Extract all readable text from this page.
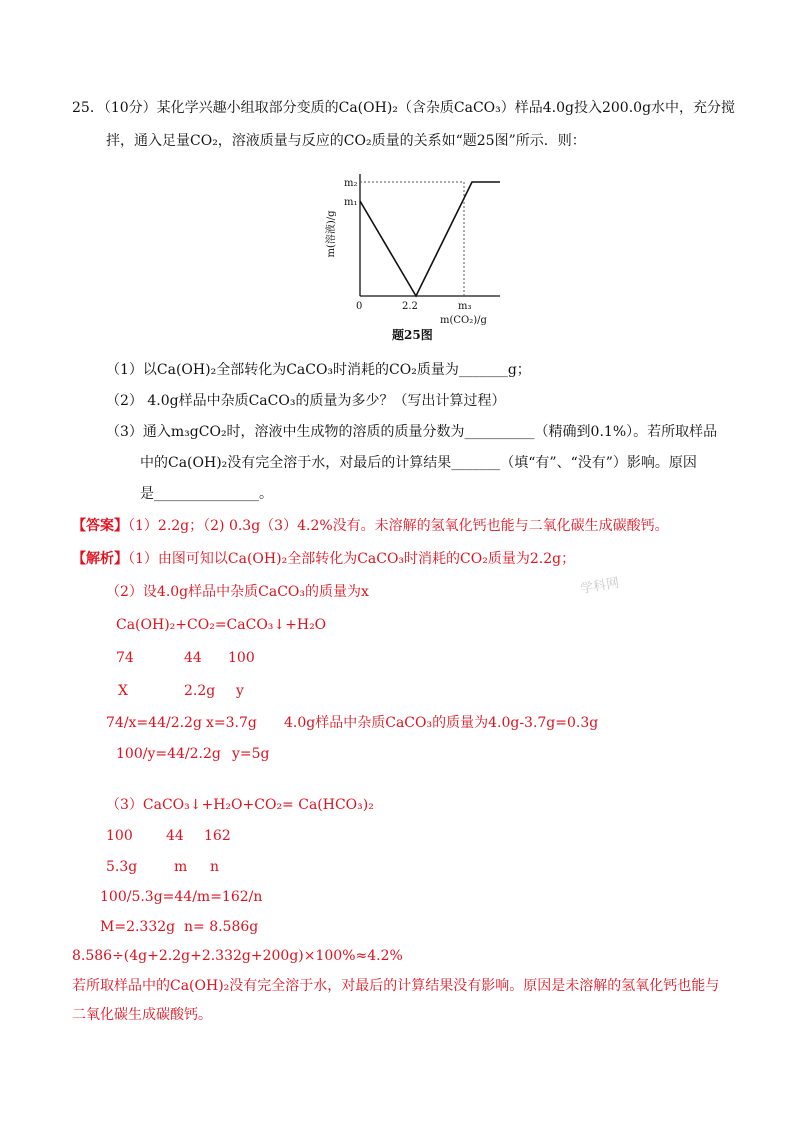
25．（10分）某化学兴趣小组取部分变质的Ca(OH)₂（含杂质CaCO₃）样品4.0g投入200.0g水中，充分搅
拌，通入足量CO₂，溶液质量与反应的CO₂质量的关系如“题25图”所示．则：
m₂
m₁
m(溶液)/g
0	2.2	m₃
m(CO₂)/g
题25图
（1）以Ca(OH)₂全部转化为CaCO₃时消耗的CO₂质量为_______g；
（2） 4.0g样品中杂质CaCO₃的质量为多少？（写出计算过程）
（3）通入m₃gCO₂时，溶液中生成物的溶质的质量分数为__________（精确到0.1%）。若所取样品
中的Ca(OH)₂没有完全溶于水，对最后的计算结果_______（填“有”、“没有”）影响。原因
是_______________。
【答案】（1）2.2g；（2) 0.3g（3）4.2%没有。未溶解的氢氧化钙也能与二氧化碳生成碳酸钙。
【解析】（1）由图可知以Ca(OH)₂全部转化为CaCO₃时消耗的CO₂质量为2.2g；
（2）设4.0g样品中杂质CaCO₃的质量为x	学科网
Ca(OH)₂+CO₂=CaCO₃↓+H₂O
74	44 100
X	2.2g y
74/x=44/2.2g x=3.7g 4.0g样品中杂质CaCO₃的质量为4.0g-3.7g=0.3g
100/y=44/2.2g y=5g
（3）CaCO₃↓+H₂O+CO₂= Ca(HCO₃)₂
100 44 162
5.3g	m n
100/5.3g=44/m=162/n
M=2.332g n= 8.586g
8.586÷(4g+2.2g+2.332g+200g)×100%≈4.2%
若所取样品中的Ca(OH)₂没有完全溶于水，对最后的计算结果没有影响。原因是未溶解的氢氧化钙也能与
二氧化碳生成碳酸钙。
